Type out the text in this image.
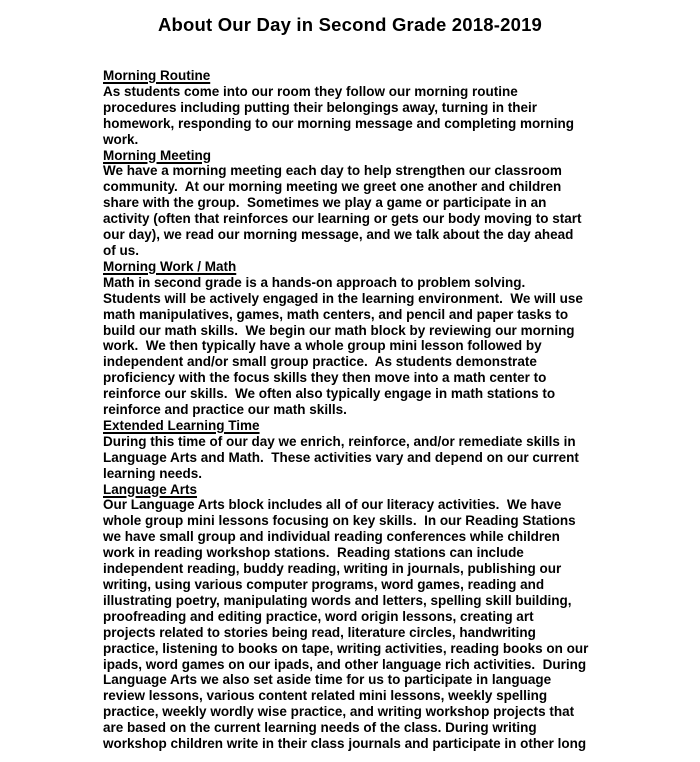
About Our Day in Second Grade 2018-2019
Morning Routine
As students come into our room they follow our morning routine
procedures including putting their belongings away, turning in their
homework, responding to our morning message and completing morning
work.
Morning Meeting
We have a morning meeting each day to help strengthen our classroom
community.  At our morning meeting we greet one another and children
share with the group.  Sometimes we play a game or participate in an
activity (often that reinforces our learning or gets our body moving to start
our day), we read our morning message, and we talk about the day ahead
of us.
Morning Work / Math
Math in second grade is a hands-on approach to problem solving.
Students will be actively engaged in the learning environment.  We will use
math manipulatives, games, math centers, and pencil and paper tasks to
build our math skills.  We begin our math block by reviewing our morning
work.  We then typically have a whole group mini lesson followed by
independent and/or small group practice.  As students demonstrate
proficiency with the focus skills they then move into a math center to
reinforce our skills.  We often also typically engage in math stations to
reinforce and practice our math skills.
Extended Learning Time
During this time of our day we enrich, reinforce, and/or remediate skills in
Language Arts and Math.  These activities vary and depend on our current
learning needs.
Language Arts
Our Language Arts block includes all of our literacy activities.  We have
whole group mini lessons focusing on key skills.  In our Reading Stations
we have small group and individual reading conferences while children
work in reading workshop stations.  Reading stations can include
independent reading, buddy reading, writing in journals, publishing our
writing, using various computer programs, word games, reading and
illustrating poetry, manipulating words and letters, spelling skill building,
proofreading and editing practice, word origin lessons, creating art
projects related to stories being read, literature circles, handwriting
practice, listening to books on tape, writing activities, reading books on our
ipads, word games on our ipads, and other language rich activities.  During
Language Arts we also set aside time for us to participate in language
review lessons, various content related mini lessons, weekly spelling
practice, weekly wordly wise practice, and writing workshop projects that
are based on the current learning needs of the class. During writing
workshop children write in their class journals and participate in other long
